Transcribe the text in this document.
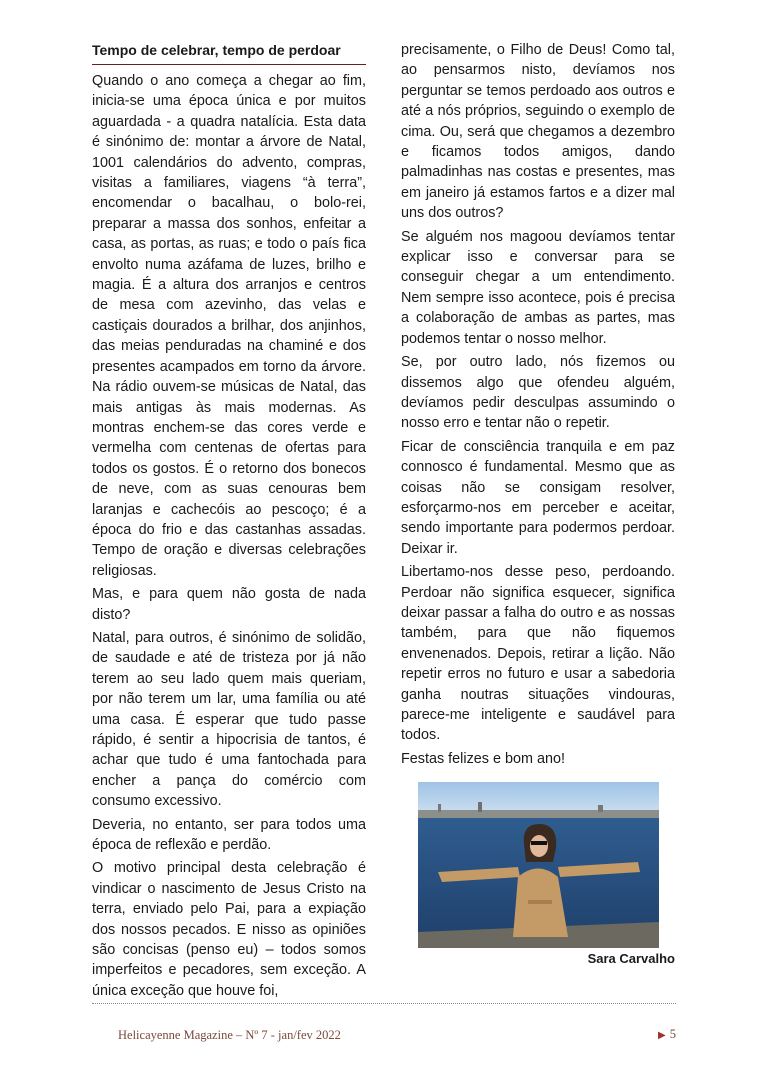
Tempo de celebrar, tempo de perdoar

Quando o ano começa a chegar ao fim, inicia-se uma época única e por muitos aguardada - a quadra natalícia. Esta data é sinónimo de: montar a árvore de Natal, 1001 calendários do advento, compras, visitas a familiares, viagens “à terra”, encomendar o bacalhau, o bolo-rei, preparar a massa dos sonhos, enfeitar a casa, as portas, as ruas; e todo o país fica envolto numa azáfama de luzes, brilho e magia. É a altura dos arranjos e centros de mesa com azevinho, das velas e castiçais dourados a brilhar, dos anjinhos, das meias penduradas na chaminé e dos presentes acampados em torno da árvore. Na rádio ouvem-se músicas de Natal, das mais antigas às mais modernas. As montras enchem-se das cores verde e vermelha com centenas de ofertas para todos os gostos. É o retorno dos bonecos de neve, com as suas cenouras bem laranjas e cachecóis ao pescoço; é a época do frio e das castanhas assadas. Tempo de oração e diversas celebrações religiosas.

Mas, e para quem não gosta de nada disto?

Natal, para outros, é sinónimo de solidão, de saudade e até de tristeza por já não terem ao seu lado quem mais queriam, por não terem um lar, uma família ou até uma casa. É esperar que tudo passe rápido, é sentir a hipocrisia de tantos, é achar que tudo é uma fantochada para encher a pança do comércio com consumo excessivo.

Deveria, no entanto, ser para todos uma época de reflexão e perdão.

O motivo principal desta celebração é vindicar o nascimento de Jesus Cristo na terra, enviado pelo Pai, para a expiação dos nossos pecados. E nisso as opiniões são concisas (penso eu) – todos somos imperfeitos e pecadores, sem exceção. A única exceção que houve foi,

precisamente, o Filho de Deus! Como tal, ao pensarmos nisto, devíamos nos perguntar se temos perdoado aos outros e até a nós próprios, seguindo o exemplo de cima. Ou, será que chegamos a dezembro e ficamos todos amigos, dando palmadinhas nas costas e presentes, mas em janeiro já estamos fartos e a dizer mal uns dos outros?

Se alguém nos magoou devíamos tentar explicar isso e conversar para se conseguir chegar a um entendimento. Nem sempre isso acontece, pois é precisa a colaboração de ambas as partes, mas podemos tentar o nosso melhor.

Se, por outro lado, nós fizemos ou dissemos algo que ofendeu alguém, devíamos pedir desculpas assumindo o nosso erro e tentar não o repetir.

Ficar de consciência tranquila e em paz connosco é fundamental. Mesmo que as coisas não se consigam resolver, esforçarmo-nos em perceber e aceitar, sendo importante para podermos perdoar. Deixar ir.

Libertamo-nos desse peso, perdoando. Perdoar não significa esquecer, significa deixar passar a falha do outro e as nossas também, para que não fiquemos envenenados. Depois, retirar a lição. Não repetir erros no futuro e usar a sabedoria ganha noutras situações vindouras, parece-me inteligente e saudável para todos.

Festas felizes e bom ano!

Sara Carvalho
Helicayenne Magazine – Nº 7 - jan/fev 2022	▶ 5
